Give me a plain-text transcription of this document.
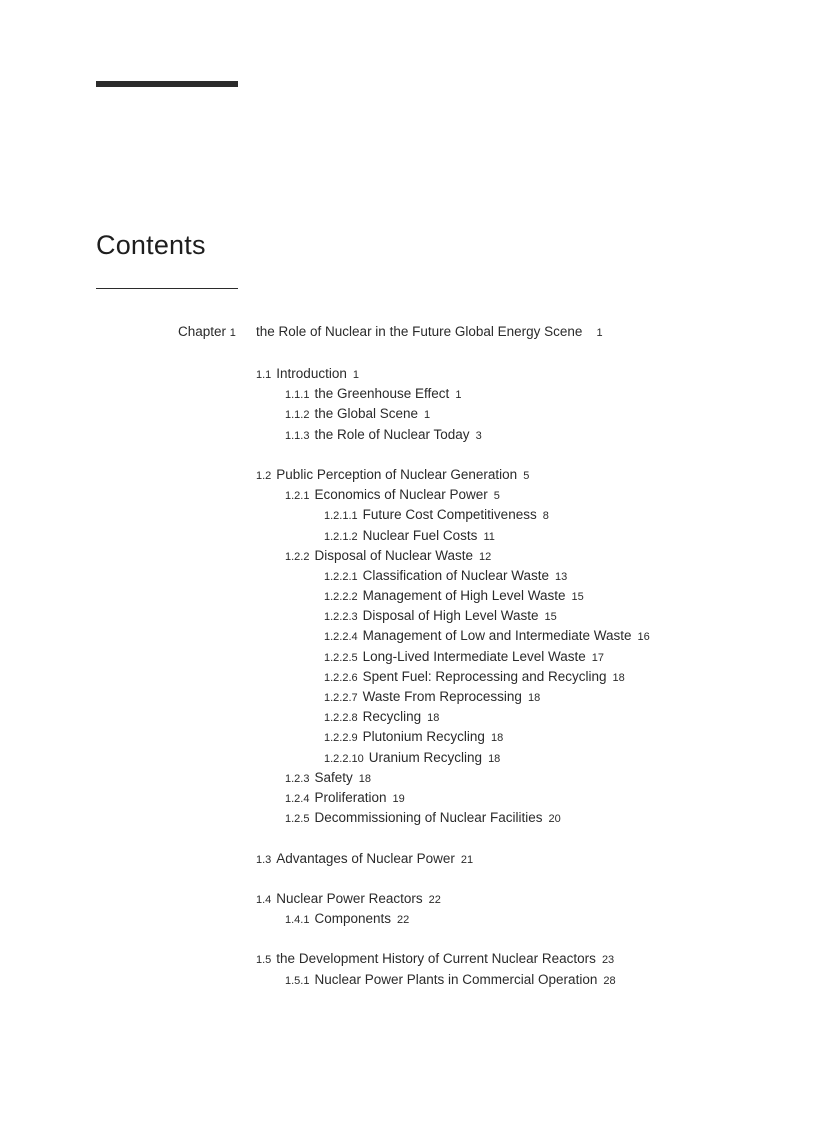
Contents
Chapter 1 the Role of Nuclear in the Future Global Energy Scene 1
1.1 Introduction 1
1.1.1 the Greenhouse Effect 1
1.1.2 the Global Scene 1
1.1.3 the Role of Nuclear Today 3
1.2 Public Perception of Nuclear Generation 5
1.2.1 Economics of Nuclear Power 5
1.2.1.1 Future Cost Competitiveness 8
1.2.1.2 Nuclear Fuel Costs 11
1.2.2 Disposal of Nuclear Waste 12
1.2.2.1 Classification of Nuclear Waste 13
1.2.2.2 Management of High Level Waste 15
1.2.2.3 Disposal of High Level Waste 15
1.2.2.4 Management of Low and Intermediate Waste 16
1.2.2.5 Long-Lived Intermediate Level Waste 17
1.2.2.6 Spent Fuel: Reprocessing and Recycling 18
1.2.2.7 Waste From Reprocessing 18
1.2.2.8 Recycling 18
1.2.2.9 Plutonium Recycling 18
1.2.2.10 Uranium Recycling 18
1.2.3 Safety 18
1.2.4 Proliferation 19
1.2.5 Decommissioning of Nuclear Facilities 20
1.3 Advantages of Nuclear Power 21
1.4 Nuclear Power Reactors 22
1.4.1 Components 22
1.5 the Development History of Current Nuclear Reactors 23
1.5.1 Nuclear Power Plants in Commercial Operation 28
